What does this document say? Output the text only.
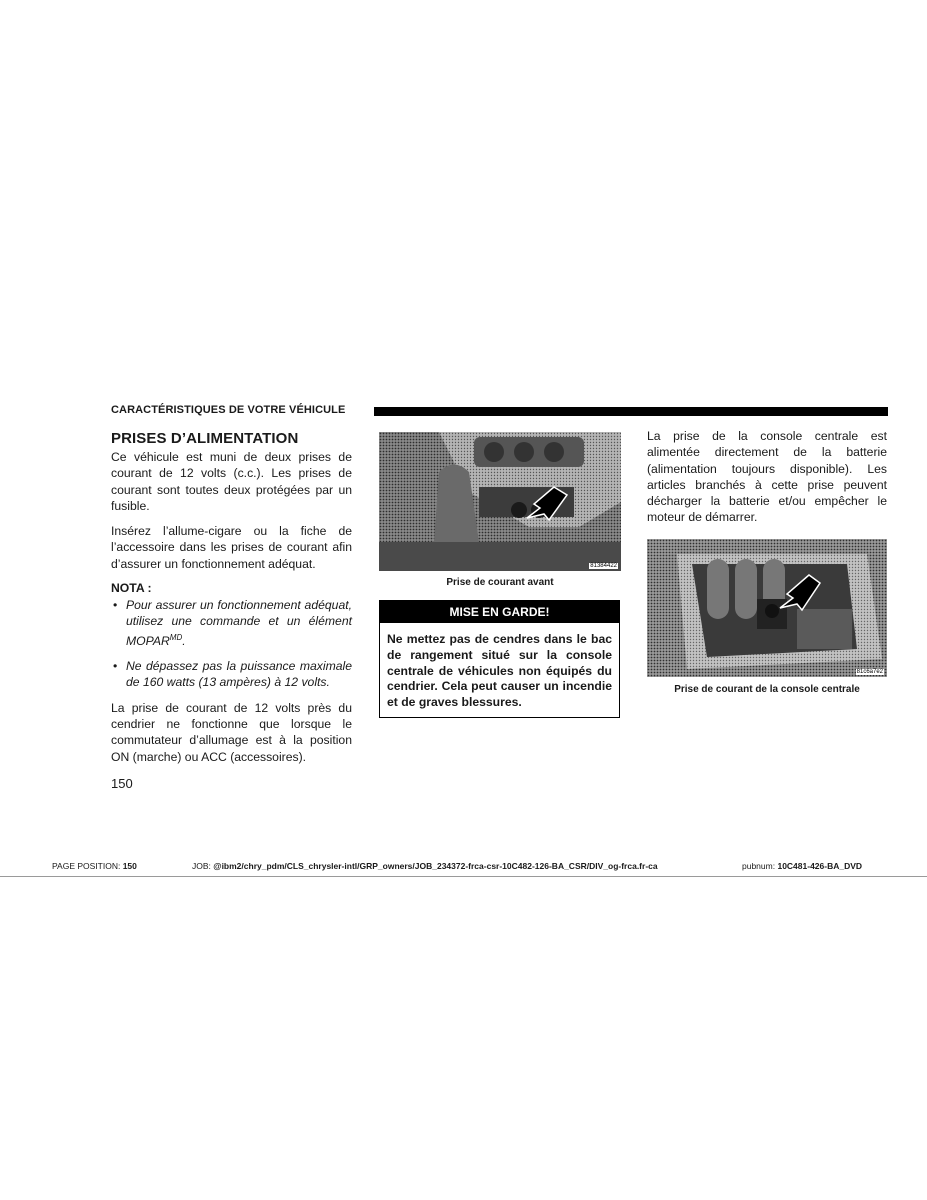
CARACTÉRISTIQUES DE VOTRE VÉHICULE
PRISES D’ALIMENTATION

Ce véhicule est muni de deux prises de courant de 12 volts (c.c.). Les prises de courant sont toutes deux protégées par un fusible.

Insérez l’allume-cigare ou la fiche de l’accessoire dans les prises de courant afin d’assurer un fonctionnement adéquat.

NOTA :
• Pour assurer un fonctionnement adéquat, utilisez une commande et un élément $MOPAR^{MD}$.
• Ne dépassez pas la puissance maximale de 160 watts (13 ampères) à 12 volts.

La prise de courant de 12 volts près du cendrier ne fonctionne que lorsque le commutateur d’allumage est à la position ON (marche) ou ACC (accessoires).

81384422
Prise de courant avant
MISE EN GARDE!
Ne mettez pas de cendres dans le bac de rangement situé sur la console centrale de véhicules non équipés du cendrier. Cela peut causer un incendie et de graves blessures.

La prise de la console centrale est alimentée directement de la batterie (alimentation toujours disponible). Les articles branchés à cette prise peuvent décharger la batterie et/ou empêcher le moteur de démarrer.

81c6a7e2
Prise de courant de la console centrale
150
PAGE POSITION: 150	JOB: @ibm2/chry_pdm/CLS_chrysler-intl/GRP_owners/JOB_234372-frca-csr-10C482-126-BA_CSR/DIV_og-frca.fr-ca	pubnum: 10C481-426-BA_DVD
